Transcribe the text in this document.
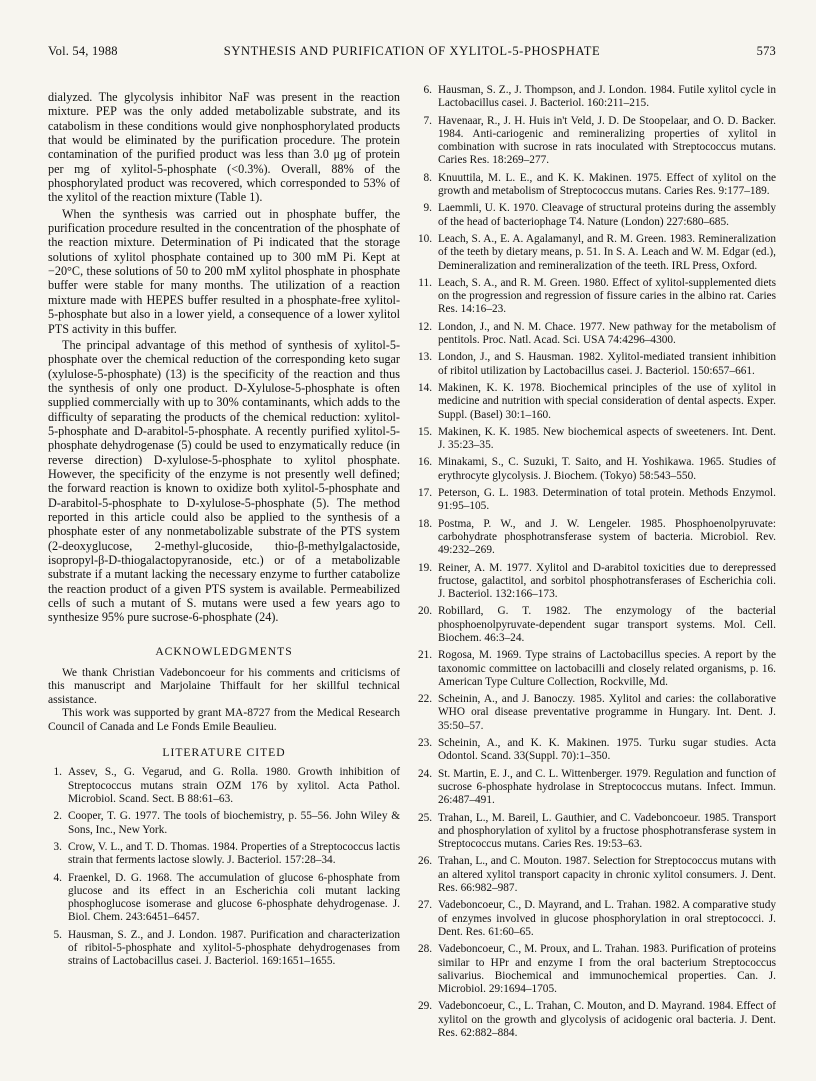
Vol. 54, 1988	SYNTHESIS AND PURIFICATION OF XYLITOL-5-PHOSPHATE	573

dialyzed. The glycolysis inhibitor NaF was present in the reaction mixture. PEP was the only added metabolizable substrate, and its catabolism in these conditions would give nonphosphorylated products that would be eliminated by the purification procedure. The protein contamination of the purified product was less than 3.0 μg of protein per mg of xylitol-5-phosphate (<0.3%). Overall, 88% of the phosphorylated product was recovered, which corresponded to 53% of the xylitol of the reaction mixture (Table 1).

When the synthesis was carried out in phosphate buffer, the purification procedure resulted in the concentration of the phosphate of the reaction mixture. Determination of Pi indicated that the storage solutions of xylitol phosphate contained up to 300 mM Pi. Kept at −20°C, these solutions of 50 to 200 mM xylitol phosphate in phosphate buffer were stable for many months. The utilization of a reaction mixture made with HEPES buffer resulted in a phosphate-free xylitol-5-phosphate but also in a lower yield, a consequence of a lower xylitol PTS activity in this buffer.

The principal advantage of this method of synthesis of xylitol-5-phosphate over the chemical reduction of the corresponding keto sugar (xylulose-5-phosphate) (13) is the specificity of the reaction and thus the synthesis of only one product. D-Xylulose-5-phosphate is often supplied commercially with up to 30% contaminants, which adds to the difficulty of separating the products of the chemical reduction: xylitol-5-phosphate and D-arabitol-5-phosphate. A recently purified xylitol-5-phosphate dehydrogenase (5) could be used to enzymatically reduce (in reverse direction) D-xylulose-5-phosphate to xylitol phosphate. However, the specificity of the enzyme is not presently well defined; the forward reaction is known to oxidize both xylitol-5-phosphate and D-arabitol-5-phosphate to D-xylulose-5-phosphate (5). The method reported in this article could also be applied to the synthesis of a phosphate ester of any nonmetabolizable substrate of the PTS system (2-deoxyglucose, 2-methyl-glucoside, thio-β-methylgalactoside, isopropyl-β-D-thiogalactopyranoside, etc.) or of a metabolizable substrate if a mutant lacking the necessary enzyme to further catabolize the reaction product of a given PTS system is available. Permeabilized cells of such a mutant of S. mutans were used a few years ago to synthesize 95% pure sucrose-6-phosphate (24).

ACKNOWLEDGMENTS

We thank Christian Vadeboncoeur for his comments and criticisms of this manuscript and Marjolaine Thiffault for her skillful technical assistance.

This work was supported by grant MA-8727 from the Medical Research Council of Canada and Le Fonds Emile Beaulieu.

LITERATURE CITED
1. Assev, S., G. Vegarud, and G. Rolla. 1980. Growth inhibition of Streptococcus mutans strain OZM 176 by xylitol. Acta Pathol. Microbiol. Scand. Sect. B 88:61–63.
2. Cooper, T. G. 1977. The tools of biochemistry, p. 55–56. John Wiley & Sons, Inc., New York.
3. Crow, V. L., and T. D. Thomas. 1984. Properties of a Streptococcus lactis strain that ferments lactose slowly. J. Bacteriol. 157:28–34.
4. Fraenkel, D. G. 1968. The accumulation of glucose 6-phosphate from glucose and its effect in an Escherichia coli mutant lacking phosphoglucose isomerase and glucose 6-phosphate dehydrogenase. J. Biol. Chem. 243:6451–6457.
5. Hausman, S. Z., and J. London. 1987. Purification and characterization of ribitol-5-phosphate and xylitol-5-phosphate dehydrogenases from strains of Lactobacillus casei. J. Bacteriol. 169:1651–1655.
6. Hausman, S. Z., J. Thompson, and J. London. 1984. Futile xylitol cycle in Lactobacillus casei. J. Bacteriol. 160:211–215.
7. Havenaar, R., J. H. Huis in't Veld, J. D. De Stoopelaar, and O. D. Backer. 1984. Anti-cariogenic and remineralizing properties of xylitol in combination with sucrose in rats inoculated with Streptococcus mutans. Caries Res. 18:269–277.
8. Knuuttila, M. L. E., and K. K. Makinen. 1975. Effect of xylitol on the growth and metabolism of Streptococcus mutans. Caries Res. 9:177–189.
9. Laemmli, U. K. 1970. Cleavage of structural proteins during the assembly of the head of bacteriophage T4. Nature (London) 227:680–685.
10. Leach, S. A., E. A. Agalamanyl, and R. M. Green. 1983. Remineralization of the teeth by dietary means, p. 51. In S. A. Leach and W. M. Edgar (ed.), Demineralization and remineralization of the teeth. IRL Press, Oxford.
11. Leach, S. A., and R. M. Green. 1980. Effect of xylitol-supplemented diets on the progression and regression of fissure caries in the albino rat. Caries Res. 14:16–23.
12. London, J., and N. M. Chace. 1977. New pathway for the metabolism of pentitols. Proc. Natl. Acad. Sci. USA 74:4296–4300.
13. London, J., and S. Hausman. 1982. Xylitol-mediated transient inhibition of ribitol utilization by Lactobacillus casei. J. Bacteriol. 150:657–661.
14. Makinen, K. K. 1978. Biochemical principles of the use of xylitol in medicine and nutrition with special consideration of dental aspects. Exper. Suppl. (Basel) 30:1–160.
15. Makinen, K. K. 1985. New biochemical aspects of sweeteners. Int. Dent. J. 35:23–35.
16. Minakami, S., C. Suzuki, T. Saito, and H. Yoshikawa. 1965. Studies of erythrocyte glycolysis. J. Biochem. (Tokyo) 58:543–550.
17. Peterson, G. L. 1983. Determination of total protein. Methods Enzymol. 91:95–105.
18. Postma, P. W., and J. W. Lengeler. 1985. Phosphoenolpyruvate: carbohydrate phosphotransferase system of bacteria. Microbiol. Rev. 49:232–269.
19. Reiner, A. M. 1977. Xylitol and D-arabitol toxicities due to derepressed fructose, galactitol, and sorbitol phosphotransferases of Escherichia coli. J. Bacteriol. 132:166–173.
20. Robillard, G. T. 1982. The enzymology of the bacterial phosphoenolpyruvate-dependent sugar transport systems. Mol. Cell. Biochem. 46:3–24.
21. Rogosa, M. 1969. Type strains of Lactobacillus species. A report by the taxonomic committee on lactobacilli and closely related organisms, p. 16. American Type Culture Collection, Rockville, Md.
22. Scheinin, A., and J. Banoczy. 1985. Xylitol and caries: the collaborative WHO oral disease preventative programme in Hungary. Int. Dent. J. 35:50–57.
23. Scheinin, A., and K. K. Makinen. 1975. Turku sugar studies. Acta Odontol. Scand. 33(Suppl. 70):1–350.
24. St. Martin, E. J., and C. L. Wittenberger. 1979. Regulation and function of sucrose 6-phosphate hydrolase in Streptococcus mutans. Infect. Immun. 26:487–491.
25. Trahan, L., M. Bareil, L. Gauthier, and C. Vadeboncoeur. 1985. Transport and phosphorylation of xylitol by a fructose phosphotransferase system in Streptococcus mutans. Caries Res. 19:53–63.
26. Trahan, L., and C. Mouton. 1987. Selection for Streptococcus mutans with an altered xylitol transport capacity in chronic xylitol consumers. J. Dent. Res. 66:982–987.
27. Vadeboncoeur, C., D. Mayrand, and L. Trahan. 1982. A comparative study of enzymes involved in glucose phosphorylation in oral streptococci. J. Dent. Res. 61:60–65.
28. Vadeboncoeur, C., M. Proux, and L. Trahan. 1983. Purification of proteins similar to HPr and enzyme I from the oral bacterium Streptococcus salivarius. Biochemical and immunochemical properties. Can. J. Microbiol. 29:1694–1705.
29. Vadeboncoeur, C., L. Trahan, C. Mouton, and D. Mayrand. 1984. Effect of xylitol on the growth and glycolysis of acidogenic oral bacteria. J. Dent. Res. 62:882–884.
